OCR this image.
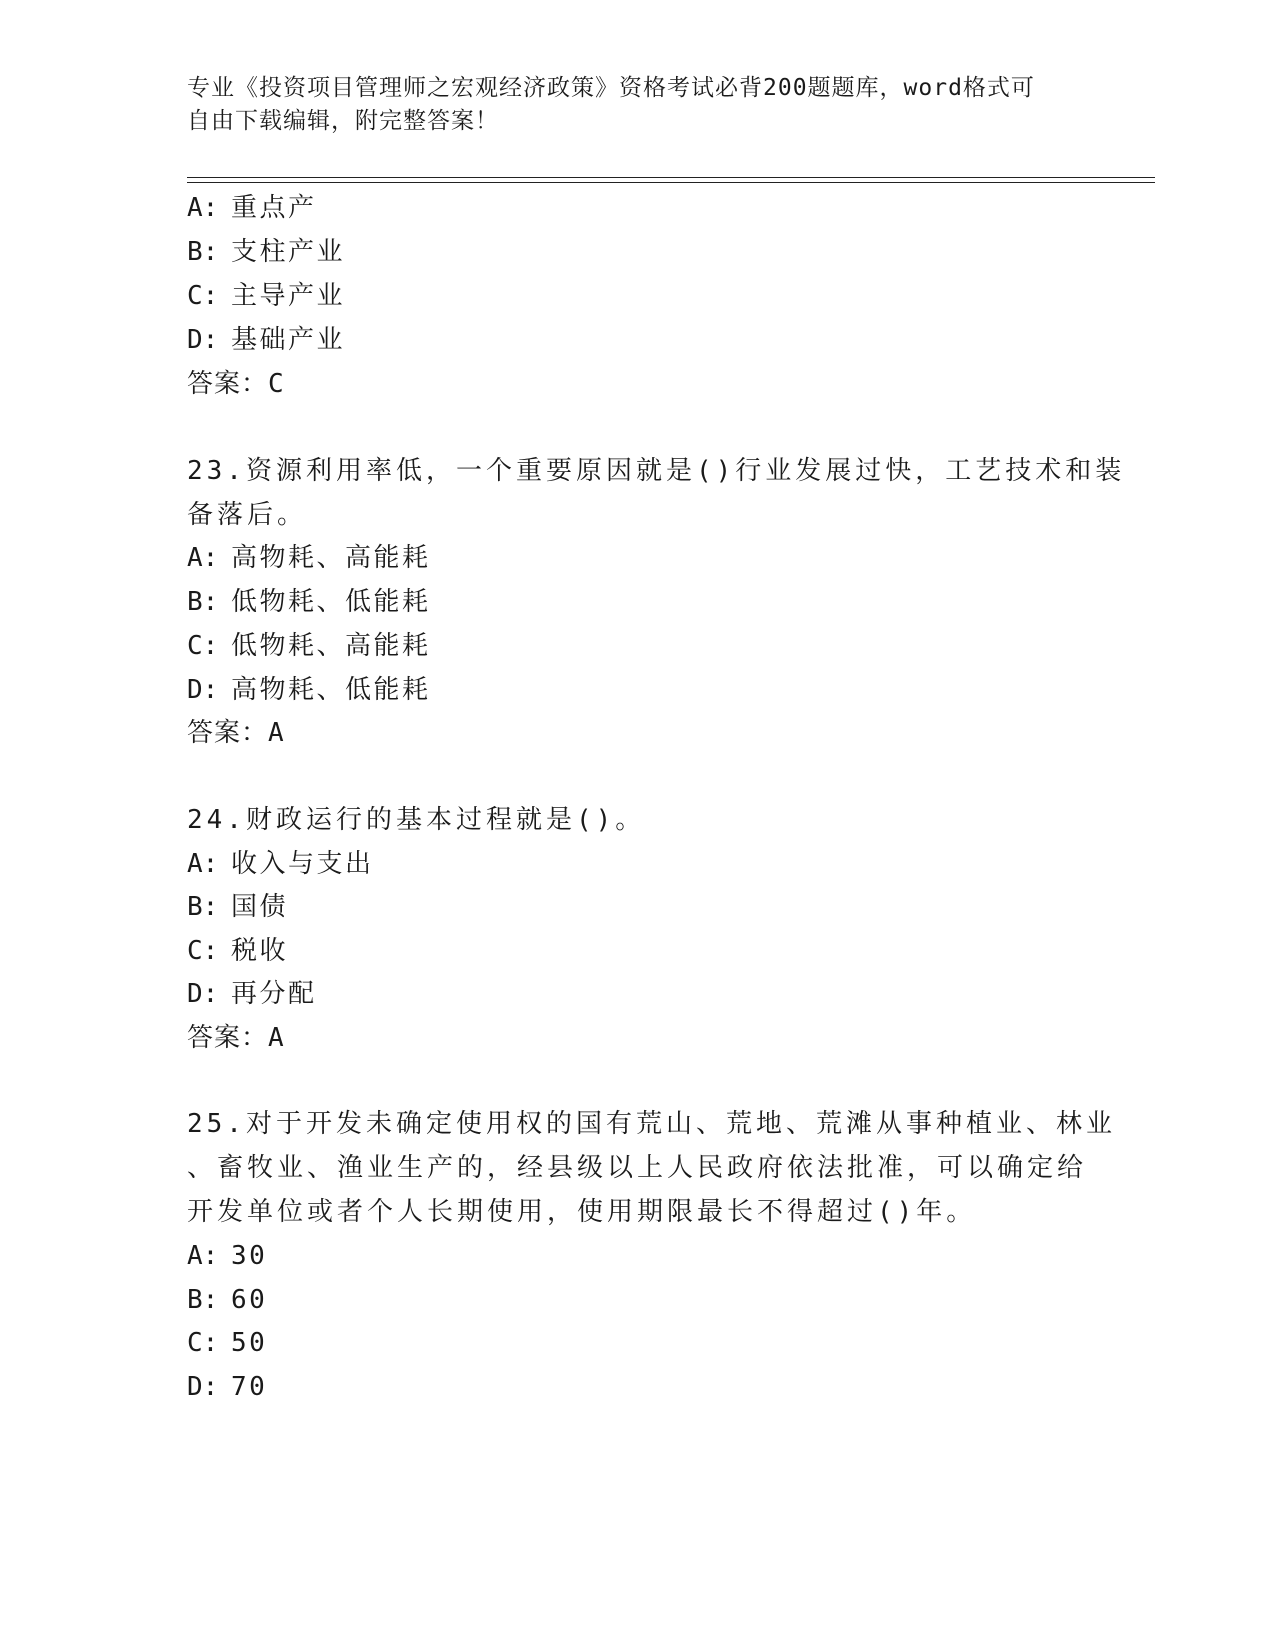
专业《投资项目管理师之宏观经济政策》资格考试必背200题题库，word格式可
自由下载编辑，附完整答案！
A: 重点产
B: 支柱产业
C: 主导产业
D: 基础产业
答案：C
23.资源利用率低，一个重要原因就是()行业发展过快，工艺技术和装
备落后。
A: 高物耗、高能耗
B: 低物耗、低能耗
C: 低物耗、高能耗
D: 高物耗、低能耗
答案：A
24.财政运行的基本过程就是()。
A: 收入与支出
B: 国债
C: 税收
D: 再分配
答案：A
25.对于开发未确定使用权的国有荒山、荒地、荒滩从事种植业、林业
、畜牧业、渔业生产的，经县级以上人民政府依法批准，可以确定给
开发单位或者个人长期使用，使用期限最长不得超过()年。
A: 30
B: 60
C: 50
D: 70
